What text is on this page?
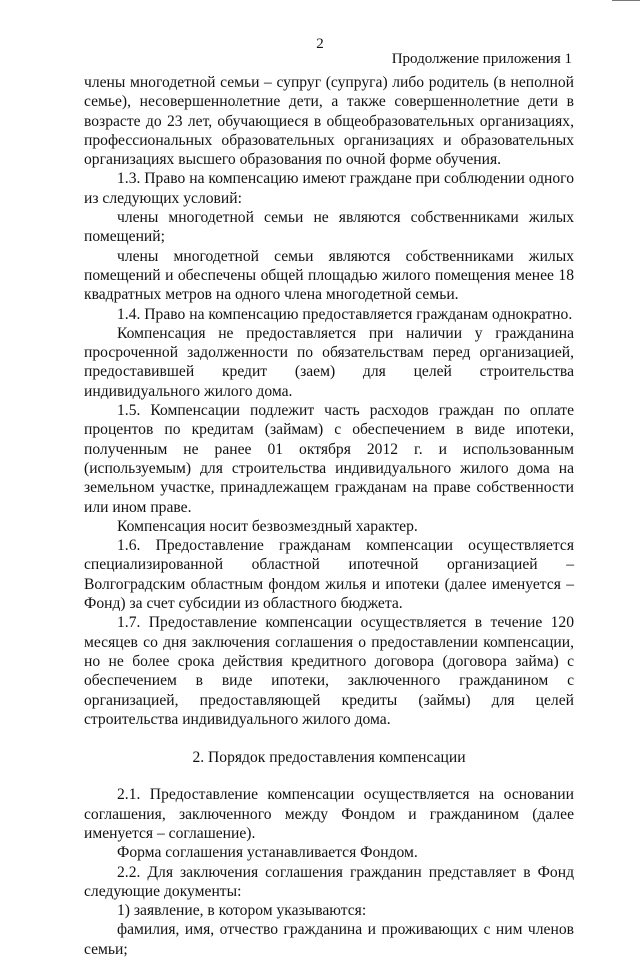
2
Продолжение приложения 1

члены многодетной семьи – супруг (супруга) либо родитель (в неполной семье), несовершеннолетние дети, а также совершеннолетние дети в возрасте до 23 лет, обучающиеся в общеобразовательных организациях, профессиональных образовательных организациях и образовательных организациях высшего образования по очной форме обучения.

1.3. Право на компенсацию имеют граждане при соблюдении одного из следующих условий:

члены многодетной семьи не являются собственниками жилых помещений;

члены многодетной семьи являются собственниками жилых помещений и обеспечены общей площадью жилого помещения менее 18 квадратных метров на одного члена многодетной семьи.

1.4. Право на компенсацию предоставляется гражданам однократно.

Компенсация не предоставляется при наличии у гражданина просроченной задолженности по обязательствам перед организацией, предоставившей кредит (заем) для целей строительства индивидуального жилого дома.

1.5. Компенсации подлежит часть расходов граждан по оплате процентов по кредитам (займам) с обеспечением в виде ипотеки, полученным не ранее 01 октября 2012 г. и использованным (используемым) для строительства индивидуального жилого дома на земельном участке, принадлежащем гражданам на праве собственности или ином праве.

Компенсация носит безвозмездный характер.

1.6. Предоставление гражданам компенсации осуществляется специализированной областной ипотечной организацией – Волгоградским областным фондом жилья и ипотеки (далее именуется – Фонд) за счет субсидии из областного бюджета.

1.7. Предоставление компенсации осуществляется в течение 120 месяцев со дня заключения соглашения о предоставлении компенсации, но не более срока действия кредитного договора (договора займа) с обеспечением в виде ипотеки, заключенного гражданином с организацией, предоставляющей кредиты (займы) для целей строительства индивидуального жилого дома.

2. Порядок предоставления компенсации

2.1. Предоставление компенсации осуществляется на основании соглашения, заключенного между Фондом и гражданином (далее именуется – соглашение).

Форма соглашения устанавливается Фондом.

2.2. Для заключения соглашения гражданин представляет в Фонд следующие документы:

1) заявление, в котором указываются:

фамилия, имя, отчество гражданина и проживающих с ним членов семьи;
